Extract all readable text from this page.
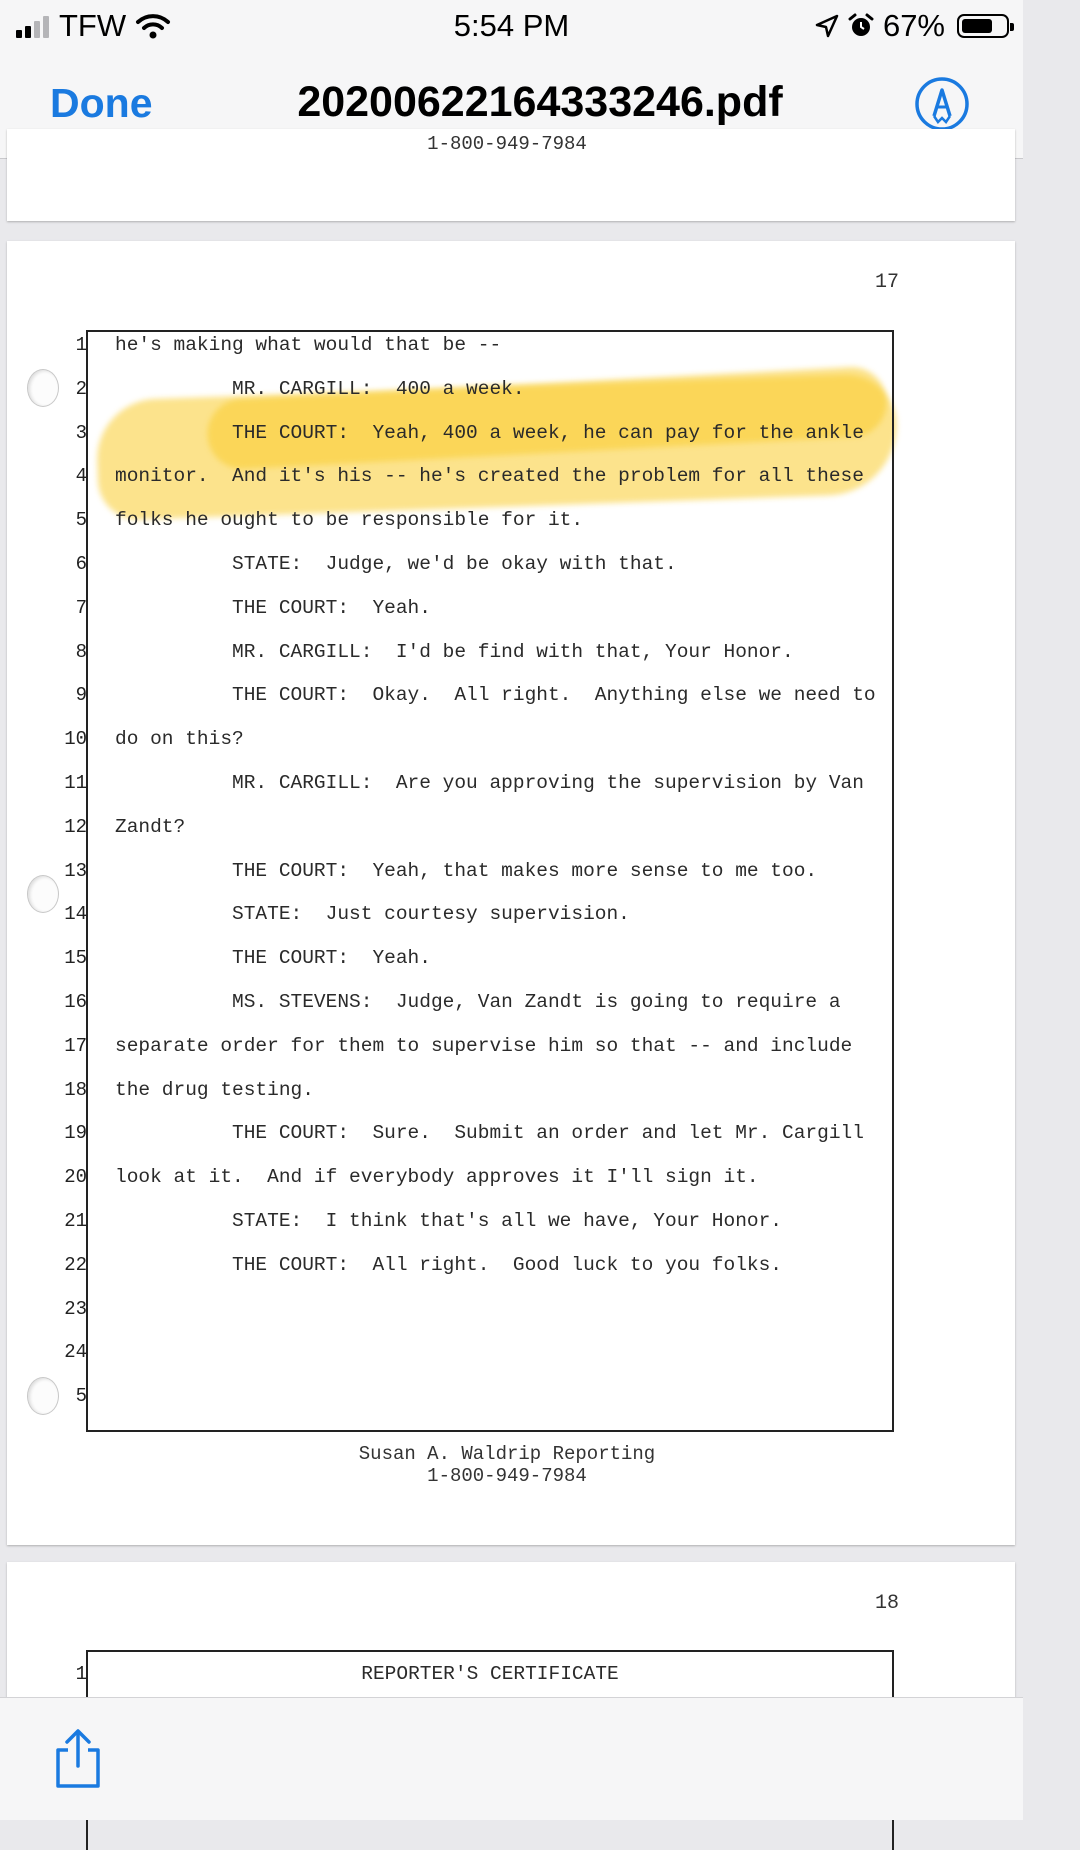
TFW	5:54 PM	67%
Done	20200622164333246.pdf
1-800-949-7984
17
1 he's making what would that be --
2 MR. CARGILL:  400 a week.
3 THE COURT:  Yeah, 400 a week, he can pay for the ankle
4 monitor.  And it's his -- he's created the problem for all these
5 folks he ought to be responsible for it.
6 STATE:  Judge, we'd be okay with that.
7 THE COURT:  Yeah.
8 MR. CARGILL:  I'd be find with that, Your Honor.
9 THE COURT:  Okay.  All right.  Anything else we need to
10 do on this?
11 MR. CARGILL:  Are you approving the supervision by Van
12 Zandt?
13 THE COURT:  Yeah, that makes more sense to me too.
14 STATE:  Just courtesy supervision.
15 THE COURT:  Yeah.
16 MS. STEVENS:  Judge, Van Zandt is going to require a
17 separate order for them to supervise him so that -- and include
18 the drug testing.
19 THE COURT:  Sure.  Submit an order and let Mr. Cargill
20 look at it.  And if everybody approves it I'll sign it.
21 STATE:  I think that's all we have, Your Honor.
22 THE COURT:  All right.  Good luck to you folks.
23
24
5
Susan A. Waldrip Reporting
1-800-949-7984
18
1	REPORTER'S CERTIFICATE
